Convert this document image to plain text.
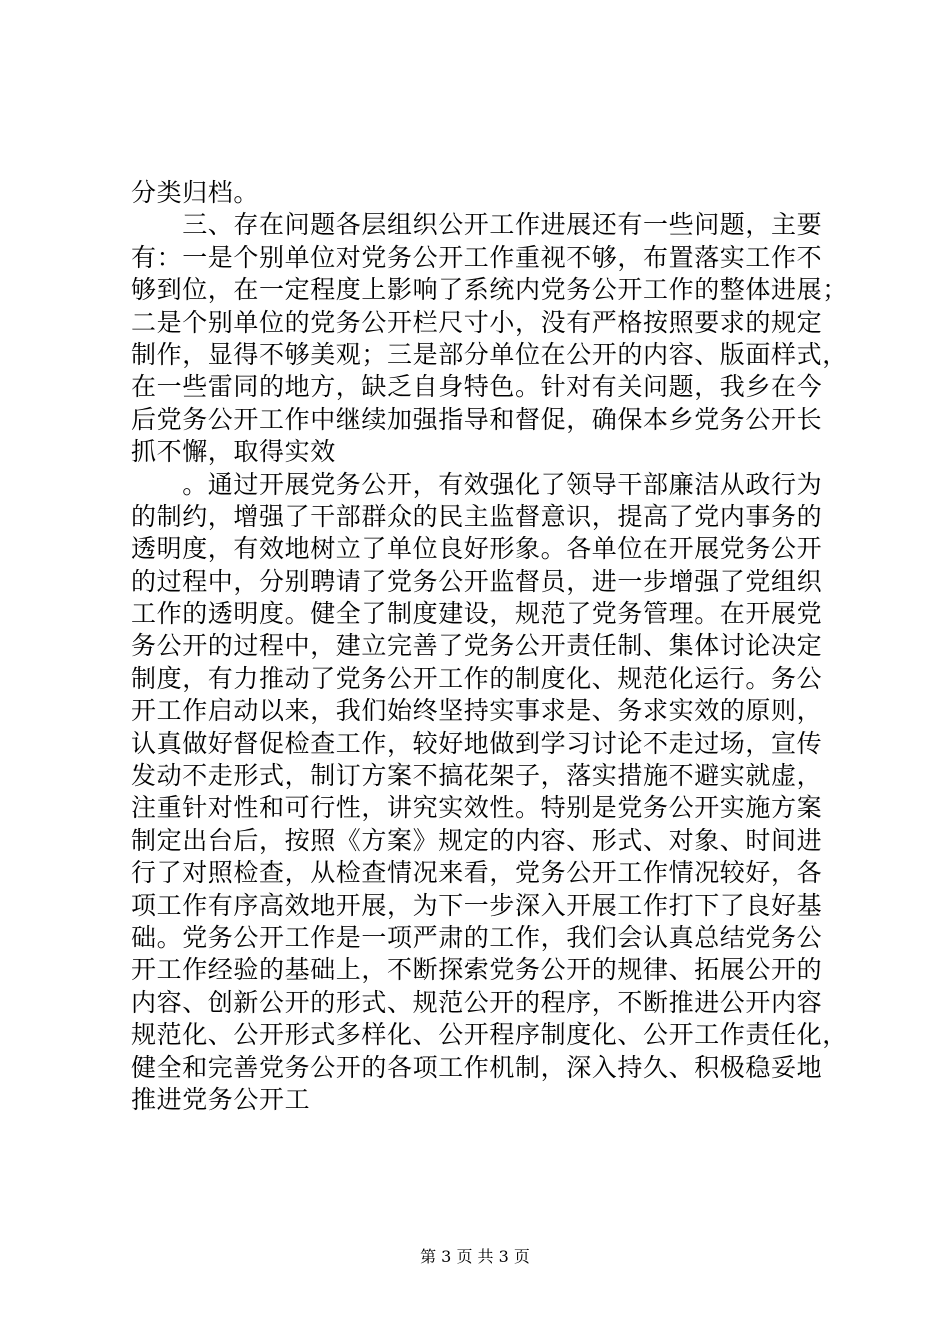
分类归档。
　　三、存在问题各层组织公开工作进展还有一些问题，主要
有：一是个别单位对党务公开工作重视不够，布置落实工作不
够到位，在一定程度上影响了系统内党务公开工作的整体进展；
二是个别单位的党务公开栏尺寸小，没有严格按照要求的规定
制作，显得不够美观；三是部分单位在公开的内容、版面样式，
在一些雷同的地方，缺乏自身特色。针对有关问题，我乡在今
后党务公开工作中继续加强指导和督促，确保本乡党务公开长
抓不懈，取得实效
　　。通过开展党务公开，有效强化了领导干部廉洁从政行为
的制约，增强了干部群众的民主监督意识，提高了党内事务的
透明度，有效地树立了单位良好形象。各单位在开展党务公开
的过程中，分别聘请了党务公开监督员，进一步增强了党组织
工作的透明度。健全了制度建设，规范了党务管理。在开展党
务公开的过程中，建立完善了党务公开责任制、集体讨论决定
制度，有力推动了党务公开工作的制度化、规范化运行。务公
开工作启动以来，我们始终坚持实事求是、务求实效的原则，
认真做好督促检查工作，较好地做到学习讨论不走过场，宣传
发动不走形式，制订方案不搞花架子，落实措施不避实就虚，
注重针对性和可行性，讲究实效性。特别是党务公开实施方案
制定出台后，按照《方案》规定的内容、形式、对象、时间进
行了对照检查，从检查情况来看，党务公开工作情况较好，各
项工作有序高效地开展，为下一步深入开展工作打下了良好基
础。党务公开工作是一项严肃的工作，我们会认真总结党务公
开工作经验的基础上，不断探索党务公开的规律、拓展公开的
内容、创新公开的形式、规范公开的程序，不断推进公开内容
规范化、公开形式多样化、公开程序制度化、公开工作责任化，
健全和完善党务公开的各项工作机制，深入持久、积极稳妥地
推进党务公开工
第 3 页 共 3 页
